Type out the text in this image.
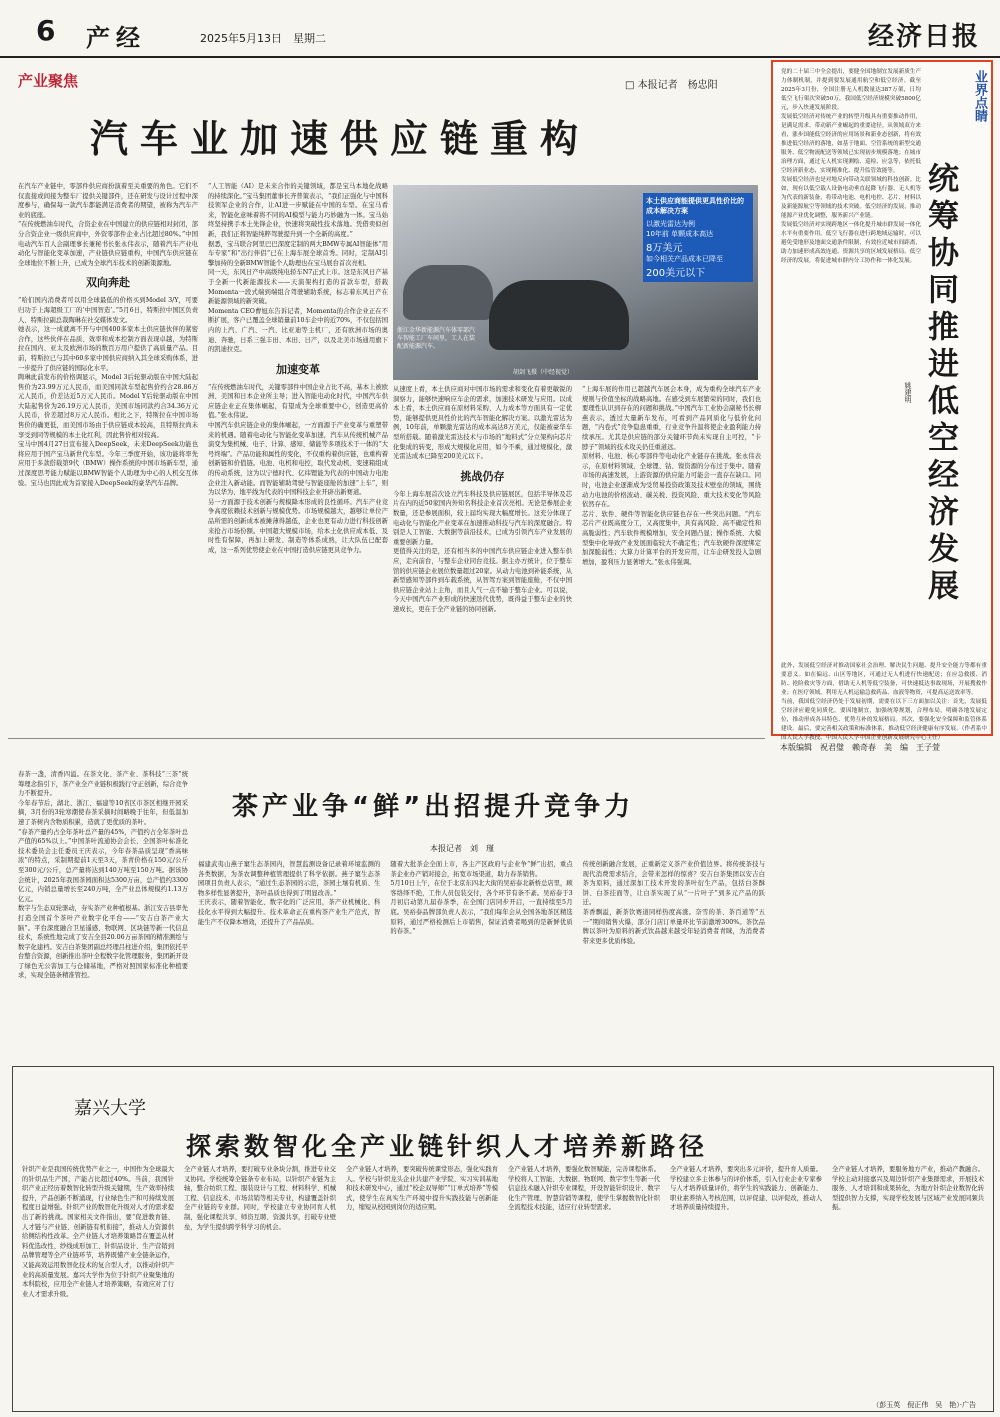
6 产经	2025年5月13日　星期二	经济日报
产业聚焦	□ 本报记者　杨忠阳
汽车业加速供应链重构

在汽车产业链中，零部件供应商扮演着至关重要的角色。它们不仅直接或间接为整车厂提供关键部件，还在研发与设计过程中深度参与，确保每一款汽车都能满足消费者的期望，被称为汽车产业的底座。

“在传统燃油车时代，合资企业在中国建立的供应链相对封闭，部分合资企业一级供应商中，外资零部件企业占比超过80%。”中国电动汽车百人会副理事长兼秘书长张永伟表示，随着汽车产业电动化与智能化变革加速，产业链供应链重构，中国汽车供应链在全球地位不断上升，已成为全球汽车技术的创新策源地。

双向奔赴

“哈们国内消费者可以用全球最低的价格买到Model 3/Y，可要归功于上海超级工厂的‘中国智造’。”5月6日，特斯拉中国区负责人、特斯拉副总裁陶琳在社交媒体发文。

她表示，这一成就离不开与中国400多家本土供应链伙伴的紧密合作，这些伙伴在品质、效率和成本控制方面表现卓越，为特斯拉在国内、亚太及欧洲市场的数百万用户提供了高质量产品。目前，特斯拉已与其中60多家中国供应商纳入其全球采购体系，进一步提升了供应链的国际化水平。

陶琳此前发布的价格调显示，Model 3后轮驱动版在中国大陆起售价为23.99万元人民币，而美国同款车型起售价约合28.86万元人民币，价差达近5万元人民币。Model Y后轮驱动版在中国大陆起售价为26.19万元人民币，美国市场同款约合34.36万元人民币，价差超过8万元人民币。相比之下，特斯拉在中国市场售价的确更低，而美国市场由于供应链成本较高，且特斯拉尚未享受到同等规模的本土化红利，因此售价相对较高。

宝马中国4月27日宣布接入DeepSeek，未来DeepSeek功能也将应用于国产宝马新世代车型。今年三季度开始，该功能将率先应用于多款搭载第9代（BMW）操作系统的中国市场新车型，通过深度思考能力赋能以BMW智能个人助理为中心的人机交互体验。宝马也因此成为首家接入DeepSeek的豪华汽车品牌。

“人工智能（AI）是未来合作的关键领域，都是宝马本地化战略的持续深化。”宝马集团董事长齐普策表示，“我们正强化与中国科技领军企业的合作，让AI进一步赋能在中国的车型。在宝马看来，智能化意味着将不同的AI模型与能力巧妙融为一体。宝马始终坚持携手本土先锋企业，快速将突破性技术落地。凭借卖似创新，我们正将智能纯粹驾驶提升到一个全新的高度。”

据悉，宝马联合阿里巴巴深度定制的两大BMW专属AI智能体“用车专家”和“出行伴侣”已在上海车展全球首秀。同时，定制AI引擎加持的全新BMW智能个人助理也在宝马展台首次亮相。

同一天，东风日产中高级纯电轿车N7正式上市。这是东风日产基于全新一代新能源技术——天演架构打造的首款车型，搭载Momenta一段式端到端组合驾驶辅助系统，标志着东风日产在新能源领域的新突破。

Momenta CEO曹旭东告诉记者，Momenta的合作企业正在不断扩展，客户已覆盖全球销量前10车企中的近70%，不仅包括国内的上汽、广汽、一汽、比亚迪等主机厂，还有欧洲市场的奥迪、奔驰，日系三强丰田、本田、日产，以及北美市场通用旗下的凯迪拉克。

加速变革

“在传统燃油车时代，关键零部件中国企业占比不高，基本上被欧洲、美国和日本企业所主导；进入智能电动化时代，中国汽车供应链企业正在集体崛起，有望成为全球重要中心，创造更高价值。”张永伟说。

中国汽车供应链企业的集体崛起，一方面源于产业变革与重塑带来的机遇。随着电动化与智能化变革加速，汽车从传统机械产品演变为集机械、电子、计算、感知、储能等多项技术于一体的“大号终端”。产品功能和属性的变化，不仅重构着供应链，也重构着创新链和价值链。电池、电机和电控，取代发动机、变速箱组成的传动系统，这为以宁德时代、亿纬锂能为代表的中国动力电池企业注入新动能。而智能辅助驾驶与智能座舱的加速“上车”，则为以华为、地平线为代表的中国科技企业开辟出新赛道。

另一方面源于技术创新与规模降本形成的良性循环。汽车产业竞争高度依赖技术创新与规模优势。市场规模越大，越够让单位产品所需的创新成本被摊薄得越低，企业也更有动力进行科技创新来抢占市场份额。中国超大规模市场，给本土化供应成本低、及时性有保障，再加上研发、制造等体系成熟，让大队伍已配套成，这一系列优势使企业在中国打造供应链更具竞争力。

本土供应商能提供更具性价比的成本解决方案
以激光雷达为例
10年前 单颗成本高达
8万美元
如今相关产品成本已降至
200美元以下
浙江金华新能源汽车体零部汽车智能工厂车间里，工人在装配新能源汽车。
胡剑飞摄（中经视觉）

从速度上看，本土供应商对中国市场的需求和变化有着更敏锐的洞察力，能够快速响应车企的需求，加速技术研发与应用。以成本上看，本土供应商在原材料采购、人力成本等方面具有一定优势，能够提供更具性价比的汽车智能化解决方案。以激光雷达为例，10年前，单颗激光雷达的成本高达8万美元，仅能被豪华车型所搭载。随着激光雷达技术与市场的“地料式”分立架构向芯片化集成的转变，形成大规模化应用，如今不乘，通过规模化，激光雷达成本已降至200美元以下。

挑战仍存

今年上海车展首次设立汽车科技及供应链展区，包括半导体及芯片在内的近50家国内外知名科技企业首次亮相。无论是参展企业数量，还是参展面积，较上届均实现大幅度增长。这充分体现了电动化与智能化产业变革在加速推动科技与汽车的深度融合。特别是人工智能、大数据等前沿技术，已成为引领汽车产业发展的重要创新力量。

更值得关注的是，还有相当多的中国汽车供应链企业进入整车供应，走向前台，与整车企业同台竞技。据主办方统计，位于整车馆的供应链企业展位数量超过20家。从动力电池到补能系统，从新型感知等部件到车载系统，从智驾方案到智能座舱，不仅中国供应链企业站上主角，而且人气一点不输于整车企业。可以说，今天中国汽车产业形成的快速迭代优势，既得益于整车企业的快速成长，更在于全产业链的协同创新。

“上海车展的作用已超越汽车展会本身，成为重构全球汽车产业规则与价值坐标的战略高地。在感受到车展繁荣的同时，我们也要理性认识到存在的问题和挑战。”中国汽车工业协会副秘书长柳燕表示，透过大量新车发布，可看到产品同质化与低价化问题，“内卷式”竞争隐患重重，行业竞争升温将使企业盈利能力持续承压。尤其是供应链的部分关键环节尚未实现自主可控，“卡脖子”领域的技术攻关仍任重道远。

原材料、电池、核心零部件等电动化产业链存在挑战。张永伟表示，在原材料领域，全球锂、钴、镍资源的分布过于集中。随着市场的高速发展，上游资源的供应能力可能会一直存在缺口。同时，电池企业逐渐成为受贸易投资政策及技术壁垒的领域，围绕动力电池的价格波动、碳关税、投资风险、重大技术变化等风险依然存在。

芯片、软件、硬件等智能化供应链也存在一些突出问题。“汽车芯片产业既高度分工，又高度集中，具有高风险、高不确定性和高脆弱性；汽车软件规模增加，安全问题凸显；操作系统、大模型集中化导致产业发展面临较大不确定性；汽车软硬件深度绑定加深脆弱性；大算力计算平台的开发应用，让车企研发投入急剧增加，盈利压力显著增大。”张永伟强调。

业界点睛
统筹协同推进低空经济发展
姚建明

党的二十届三中全会提出，要健全国地制宜发展新质生产力体制机制，并提到要发展通用航空和低空经济。截至2025年3月份，全国注册无人机数量达387万架，日均低空飞行架次突破50万，我国低空经济规模突破5800亿元，步入快速发展阶段。

发展低空经济对传统产业的转型升级具有重要推动作用，是满足需求、带动新产业崛起的重要途径。从领域双方来看，涨步国能低空经济的应用场景和新业态创新，将有效推进低空经济的落地，如基于地面、空管系统的新型交通服务、低空物流配送等领域已实现初步规模落地；在城市治理方面，通过无人机实现测绘、巡检、应急等，依托低空经济新业态，实现精准化、提升监管效能等。

发展低空经济也是对地反向带动关联领域的科技创新。比如，现有以低空载人设备电动垂直起降飞行器、无人机等为代表的新装备，将带动电池、电机电控、芯片、材料以及新能源航空等领域的技术突破。低空经济的发展，推动能源产业优化调整，服务新兴产业链。

发展低空经济对实现跨地区一体化提升城市群发展一体化水平有重要作用。低空飞行器在进行跨地域运输时，可以避免受地形及地面交通条件限制，有效拉近城市间距离，助力加速形成高效连通、资源共享的区域发展格局。低空经济的发展，将促进城市群内分工协作和一体化发展。

此外，发展低空经济对推动国家社会治理、解决民生问题、提升安全能力等都有重要意义。如在偏远、山区等地区，可通过无人机进行快递配送；在应急救援、消防、抢险救灾等方面，借助无人机等低空装备，可快速抵达事故现场，开展搜救作业；在医疗领域，利用无人机运输急救药品、血液等物资，可提高运送效率等。

当前，我国低空经济仍处于发展初期，需要在以下三方面加以关注：首先，发展低空经济应避免同质化。要因地制宜，加强统筹规划，合理布局，明确各地发展定位，推动形成各具特色、优势互补的发展格局。其次，要强化安全保障和监管体系建设。最后，要完善相关政策和标准体系，推动低空经济健康有序发展。（作者系中国人民大学教授、中国人民大学中国企业创新发展研究中心主任）

本版编辑　祝君璧　赖奇春　美　编　王子萱
茶产业争“鲜”出招提升竞争力
本报记者　刘　瑾

春茶一盏，清香四溢。在茶文化、茶产业、茶科技“三茶”统筹理念指引下，茶产业全产业链积极践行守正创新，综合竞争力不断提升。

今年春节后，湖北、浙江、福建等10省区市茶区相继开园采摘，3月份的3轮寒潮使春茶采摘时间略晚于往年，但低温加速了茶树内含物质积累，造就了更优质的茶叶。

“春茶产量约占全年茶叶总产量的45%，产值约占全年茶叶总产值的65%以上。”中国茶叶流通协会会长、全国茶叶标准化技术委员会主任委员王庆表示，今年春茶品质呈现“香高味浓”的特点，采制期提前1天至3天，茶青价格在150元/公斤至300元/公斤，总产量将达到140万吨至150万吨。据该协会统计，2025年我国茶园面积达5300万亩，总产值约3300亿元，内销总量增长至240万吨，全产业总体规模约1.13万亿元。

数字与生态双轮驱动，夯实茶产业种植根基。浙江安吉县率先打造全国首个茶叶产业数字化平台——“安吉白茶产业大脑”。平台深度融合卫星遥感、物联网、区块链等新一代信息技术，系统性地完成了安吉全县20.06万亩茶园的精准测绘与数字化建档。安吉白茶集团副总经理吕柱进介绍，集团依托平台整合资源，创新推出茶叶全程数字化管理服务，集团新开设了绿色无公害加工与仓储基地，严格对照国家标准化种植要求，实现全链条精准管控。

福建武夷山燕子窠生态茶园内，智慧监测设备记录着环境监测的各类数据，为茶农调整种植管理提供了科学依据。燕子窠生态茶园项目负责人表示，“通过生态茶园的示范，茶园土壤有机质、生物多样性显著提升，茶叶品质也得到了明显改善。”

王庆表示，随着智能化、数字化的广泛应用，茶产业机械化、科技化水平得到大幅提升。技术革命正在重构茶产业生产范式，智能生产不仅降本增效，还提升了产品品质。

随着大批茶企全面上市，各主产区政府与企业争“鲜”出招，重点茶企业办产销对接会，拓宽市场渠道，助力春茶销售。

5月10日上午，在位于北京东四北大街的吴裕泰北新桥总店里，顾客络绎不绝，工作人员包装交付，各个环节有条不紊。吴裕泰于3月初启动第九届春茶季，在全国门店同步开启，一直持续至5月底。吴裕泰品牌部负责人表示，“我们每年会从全国各地茶区精选原料，通过严格检测后上市销售，保证消费者喝到的是新鲜优质的春茶。”

传统创新融合发展，正重新定义茶产业价值边界。将传统茶技与现代消费需求结合，会带来怎样的惊喜？安吉白茶集团以安吉白茶为原料，通过深加工技术开发的茶叶衍生产品，包括白茶酥饼、白茶挂面等，让白茶实现了从“一片叶子”到多元产品的跃迁。

茶香飘溢，新茶饮赛道同样热度高涨。奈雪的茶、茶百道等“五一”期间销售火爆，部分门店订单量环比节前激增300%。茶饮品牌以茶叶为原料的新式饮品越来越受年轻消费者青睐，为消费者带来更多优质体验。

嘉兴大学
探索数智化全产业链针织人才培养新路径

针织产业是我国传统优势产业之一，中国作为全球最大的针织品生产国，产能占比超过40%。当前，我国针织产业正经历着数智化转型升级关键期，生产效率持续提升，产品创新不断涌现，行业绿色生产和可持续发展程度日益增强。针织产业的数智化升级对人才的需求提出了新的挑战。国家相关文件指出，要“促进教育链、人才链与产业链、创新链有机衔接”，推动人力资源供给侧结构性改革。全产业链人才培养策略旨在覆盖从材料优选改性、纱线成形加工、针织品设计、生产营销到品牌管理等全产业链环节，培养既懂产业全链条运作，又能高效运用数智化技术的复合型人才，以推动针织产业的高质量发展。嘉兴大学作为位于针织产业聚集地的本科院校，应用全产业链人才培养策略，有效应对了行业人才需求升级。

全产业链人才培养，要打破专业条块分割，推进专业交叉协同。学校统筹全链条专业布局，以针织产业链为主轴，整合纺织工程、服装设计与工程、材料科学、机械工程、信息技术、市场营销等相关专业，构建覆盖针织全产业链的专业群。同时，学校建立专业协同育人机制，强化课程共享、师资互聘、资源共享，打破专业壁垒，为学生提供跨学科学习的机会。

全产业链人才培养，要突破传统课堂形态，强化实践育人。学校与针织龙头企业共建产业学院、实习实训基地和技术研发中心，通过“校企双导师”“订单式培养”等模式，使学生在真实生产环境中提升实践技能与创新能力，缩短从校园到岗位的适应期。

全产业链人才培养，要强化数智赋能，完善课程体系。学校将人工智能、大数据、物联网、数字孪生等新一代信息技术融入针织专业课程，开设智能针织设计、数字化生产管理、智慧营销等课程，使学生掌握数智化针织全流程技术技能，适应行业转型需求。

全产业链人才培养，要突出多元评价，提升育人质量。学校建立多主体参与的评价体系，引入行业企业专家参与人才培养质量评价，将学生的实践能力、创新能力、职业素养纳入考核范围，以评促建、以评促改，推动人才培养质量持续提升。

全产业链人才培养，要服务地方产业，推动产教融合。学校主动对接嘉兴及周边针织产业集群需求，开展技术服务、人才培训和成果转化，为地方针织企业数智化转型提供智力支撑，实现学校发展与区域产业发展同频共振。

（彭玉英　倪正伟　吴　艳）·广告
